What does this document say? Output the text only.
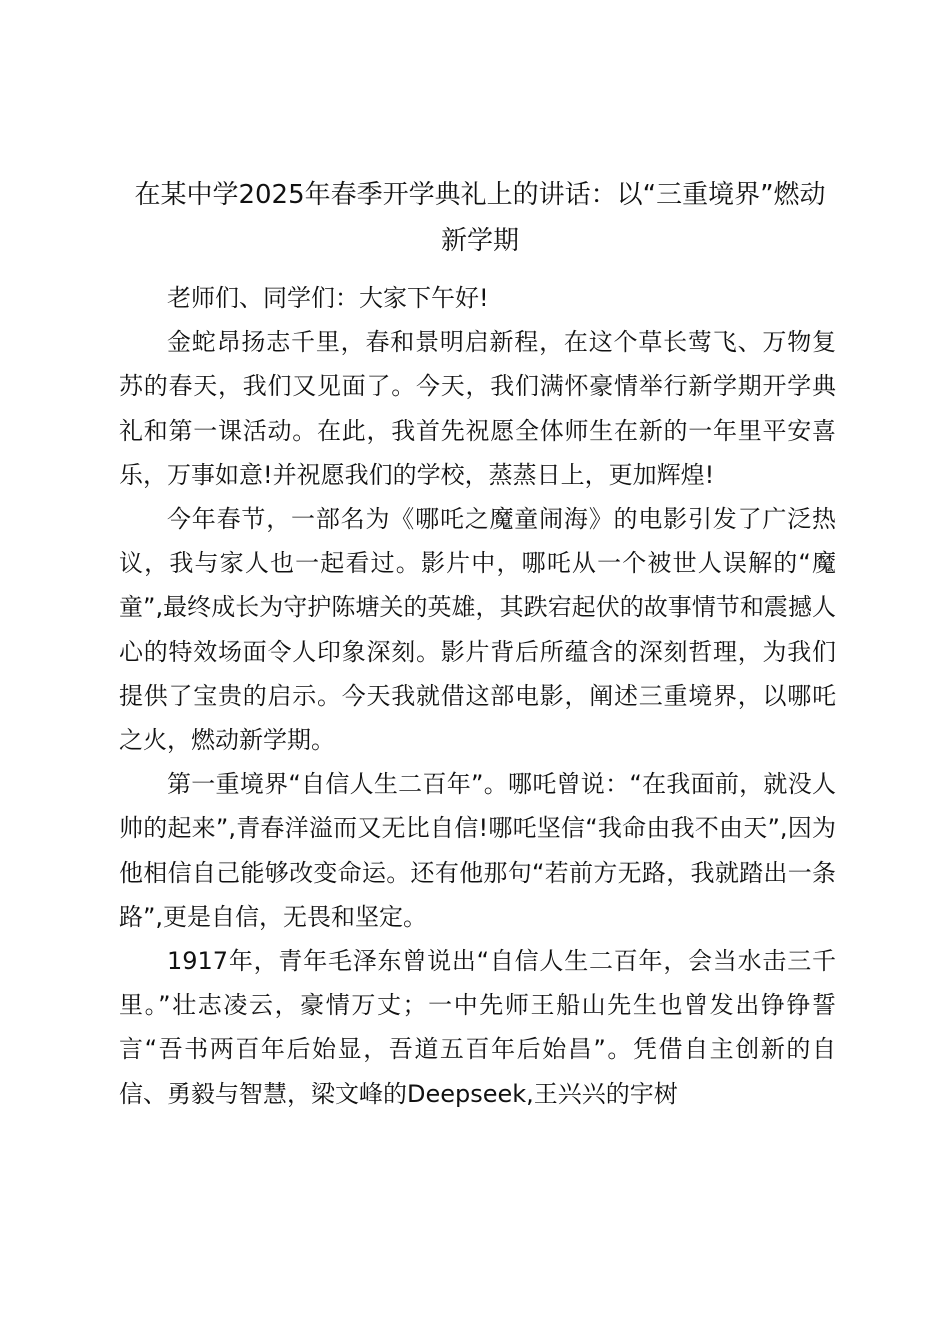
在某中学2025年春季开学典礼上的讲话：以“三重境界”燃动新学期

老师们、同学们：大家下午好!

金蛇昂扬志千里，春和景明启新程，在这个草长莺飞、万物复苏的春天，我们又见面了。今天，我们满怀豪情举行新学期开学典礼和第一课活动。在此，我首先祝愿全体师生在新的一年里平安喜乐，万事如意!并祝愿我们的学校，蒸蒸日上，更加辉煌!

今年春节，一部名为《哪吒之魔童闹海》的电影引发了广泛热议，我与家人也一起看过。影片中，哪吒从一个被世人误解的“魔童”,最终成长为守护陈塘关的英雄，其跌宕起伏的故事情节和震撼人心的特效场面令人印象深刻。影片背后所蕴含的深刻哲理，为我们提供了宝贵的启示。今天我就借这部电影，阐述三重境界，以哪吒之火，燃动新学期。

第一重境界“自信人生二百年”。哪吒曾说：“在我面前，就没人帅的起来”,青春洋溢而又无比自信!哪吒坚信“我命由我不由天”,因为他相信自己能够改变命运。还有他那句“若前方无路，我就踏出一条路”,更是自信，无畏和坚定。

1917年，青年毛泽东曾说出“自信人生二百年，会当水击三千里。”壮志凌云，豪情万丈；一中先师王船山先生也曾发出铮铮誓言“吾书两百年后始显，吾道五百年后始昌”。凭借自主创新的自信、勇毅与智慧，梁文峰的Deepseek,王兴兴的宇树
